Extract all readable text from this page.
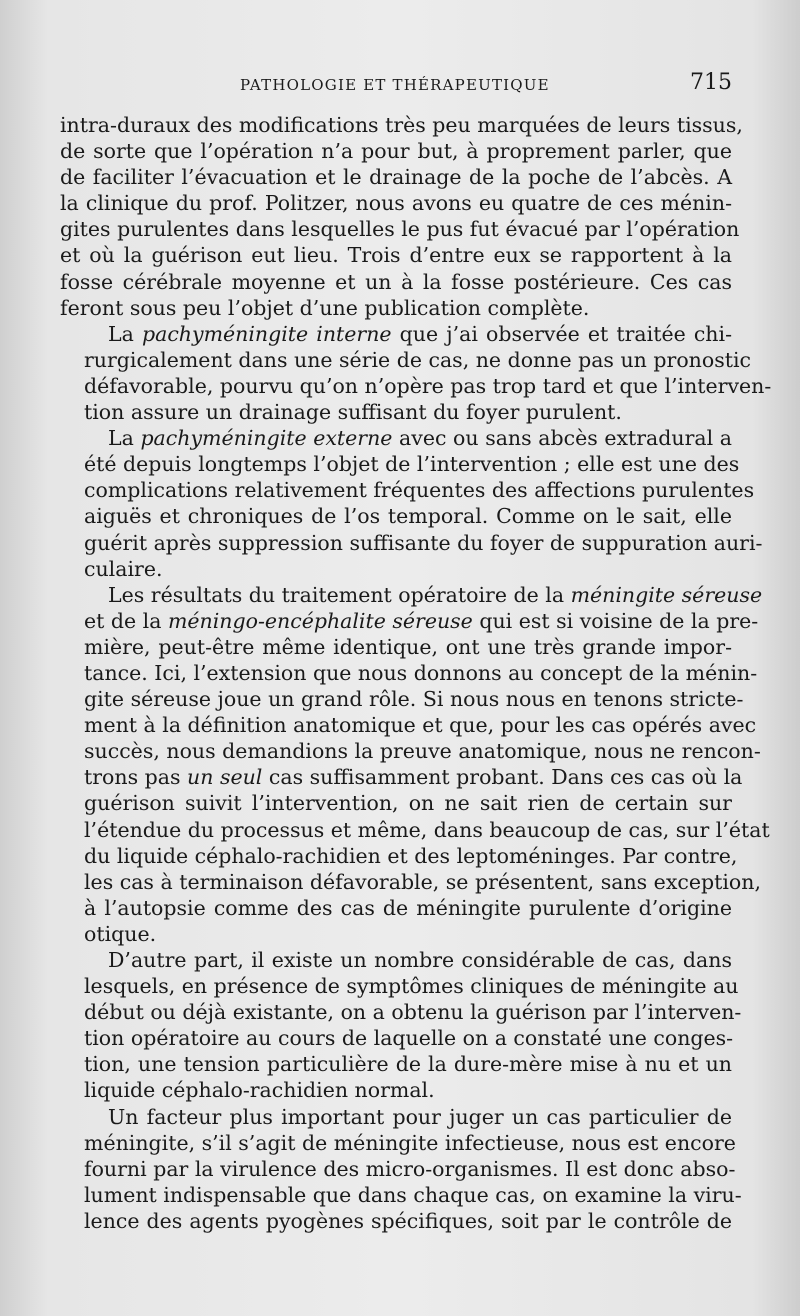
PATHOLOGIE ET THÉRAPEUTIQUE	715

intra-duraux des modifications très peu marquées de leurs tissus,
de sorte que l’opération n’a pour but, à proprement parler, que
de faciliter l’évacuation et le drainage de la poche de l’abcès. A
la clinique du prof. Politzer, nous avons eu quatre de ces ménin-
gites purulentes dans lesquelles le pus fut évacué par l’opération
et où la guérison eut lieu. Trois d’entre eux se rapportent à la
fosse cérébrale moyenne et un à la fosse postérieure. Ces cas
feront sous peu l’objet d’une publication complète.

La pachyméningite interne que j’ai observée et traitée chi-
rurgicalement dans une série de cas, ne donne pas un pronostic
défavorable, pourvu qu’on n’opère pas trop tard et que l’interven-
tion assure un drainage suffisant du foyer purulent.

La pachyméningite externe avec ou sans abcès extradural a
été depuis longtemps l’objet de l’intervention ; elle est une des
complications relativement fréquentes des affections purulentes
aiguës et chroniques de l’os temporal. Comme on le sait, elle
guérit après suppression suffisante du foyer de suppuration auri-
culaire.

Les résultats du traitement opératoire de la méningite séreuse
et de la méningo-encéphalite séreuse qui est si voisine de la pre-
mière, peut-être même identique, ont une très grande impor-
tance. Ici, l’extension que nous donnons au concept de la ménin-
gite séreuse joue un grand rôle. Si nous nous en tenons stricte-
ment à la définition anatomique et que, pour les cas opérés avec
succès, nous demandions la preuve anatomique, nous ne rencon-
trons pas un seul cas suffisamment probant. Dans ces cas où la
guérison suivit l’intervention, on ne sait rien de certain sur
l’étendue du processus et même, dans beaucoup de cas, sur l’état
du liquide céphalo-rachidien et des leptoméninges. Par contre,
les cas à terminaison défavorable, se présentent, sans exception,
à l’autopsie comme des cas de méningite purulente d’origine
otique.

D’autre part, il existe un nombre considérable de cas, dans
lesquels, en présence de symptômes cliniques de méningite au
début ou déjà existante, on a obtenu la guérison par l’interven-
tion opératoire au cours de laquelle on a constaté une conges-
tion, une tension particulière de la dure-mère mise à nu et un
liquide céphalo-rachidien normal.

Un facteur plus important pour juger un cas particulier de
méningite, s’il s’agit de méningite infectieuse, nous est encore
fourni par la virulence des micro-organismes. Il est donc abso-
lument indispensable que dans chaque cas, on examine la viru-
lence des agents pyogènes spécifiques, soit par le contrôle de
